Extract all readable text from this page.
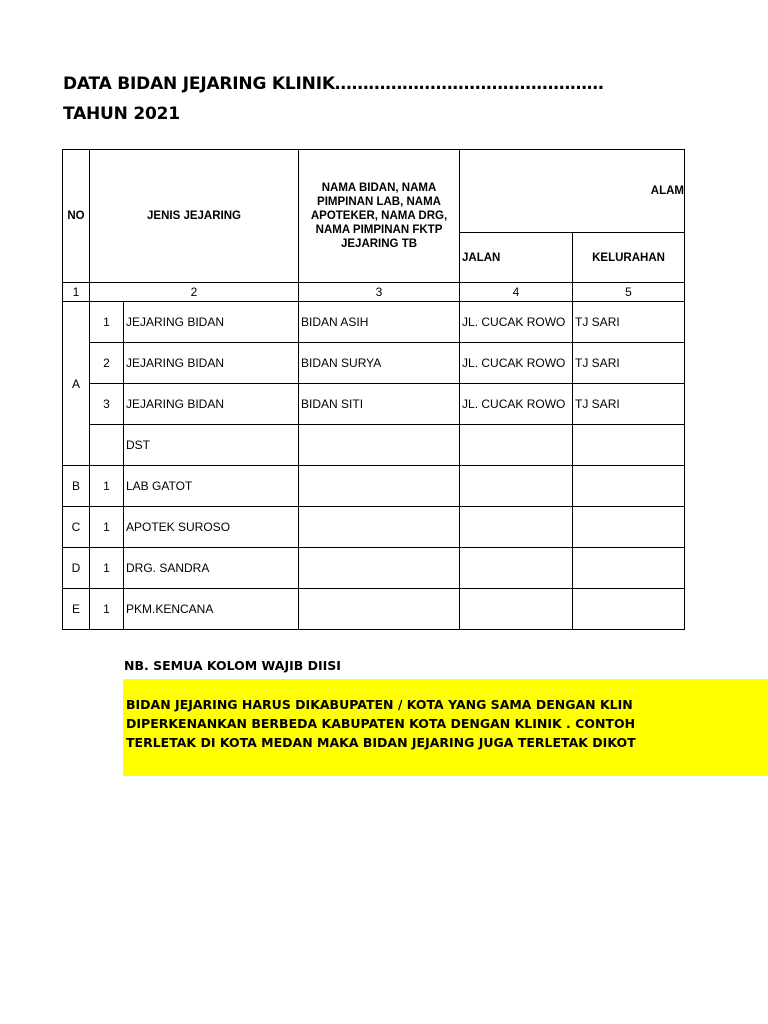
DATA BIDAN JEJARING KLINIK…………………………………………
TAHUN 2021
NO	JENIS JEJARING		NAMA BIDAN, NAMA PIMPINAN LAB, NAMA APOTEKER, NAMA DRG, NAMA PIMPINAN FKTP JEJARING TB	ALAM	
				JALAN	KELURAHAN
1	2		3	4	5
A	1	JEJARING BIDAN	BIDAN ASIH	JL. CUCAK ROWO	TJ SARI
	2	JEJARING BIDAN	BIDAN SURYA	JL. CUCAK ROWO	TJ SARI
	3	JEJARING BIDAN	BIDAN SITI	JL. CUCAK ROWO	TJ SARI
		DST			
B	1	LAB GATOT			
C	1	APOTEK SUROSO			
D	1	DRG. SANDRA			
E	1	PKM.KENCANA			

NB. SEMUA KOLOM WAJIB DIISI

BIDAN JEJARING HARUS DIKABUPATEN / KOTA YANG SAMA DENGAN KLIN
DIPERKENANKAN BERBEDA KABUPATEN KOTA DENGAN KLINIK . CONTOH
TERLETAK DI KOTA MEDAN MAKA BIDAN JEJARING JUGA TERLETAK DIKOT
